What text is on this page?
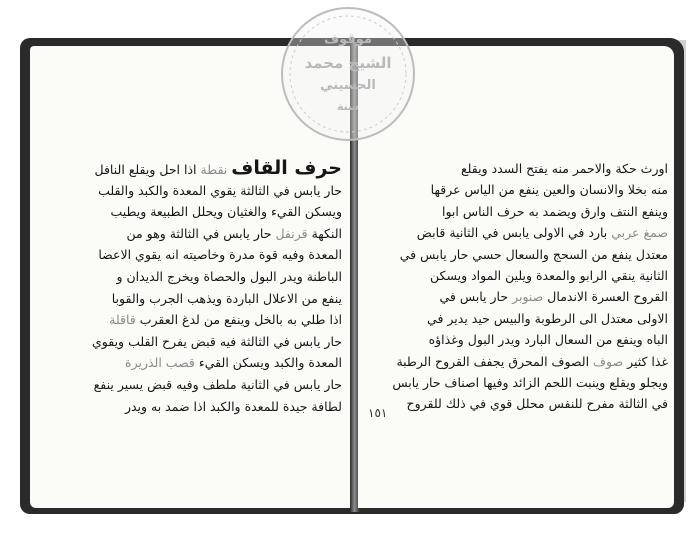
حرف القاف نقطة اذا احل ويقلع النافل
حار يابس في الثالثة يقوي المعدة والكبد والقلب
ويسكن القيء والغثيان ويحلل الطبيعة ويطيب
النكهة قرنفل حار يابس في الثالثة وهو من
المعدة وفيه قوة مدرة وخاصيته انه يقوي الاعضا
الباطنة ويدر البول والحصاة ويخرج الديدان و
ينفع من الاعلال الباردة ويذهب الجرب والقوبا
اذا طلي به بالخل وينفع من لدغ العقرب قاقلة
حار يابس في الثالثة فيه قبض يفرح القلب ويقوي
المعدة والكبد ويسكن القيء قصب الذريرة
حار يابس في الثانية ملطف وفيه قبض يسير ينفع
لطافة جيدة للمعدة والكبد اذا ضمد به ويدر
اورث حكة والاحمر منه يفتح السدد ويقلع
منه بخلا والانسان والعين ينفع من الياس عرقها
وينفع النتف وارق ويضمد به حرف الناس ابوا
صمغ عربي بارد في الاولى يابس في الثانية قابض
معتدل ينفع من السحج والسعال حسي حار يابس في
الثانية ينقي الرابو والمعدة ويلين المواد ويسكن
القروح العسرة الاندمال صنوبر حار يابس في
الاولى معتدل الى الرطوبة والبيس حيد يدير في
الباه وينفع من السعال البارد ويدر البول وغذاؤه
غذا كثير صوف الصوف المحرق يجفف القروح الرطبة
ويجلو ويقلع وينبت اللحم الزائد وفيها اصناف حار يابس
في الثالثة مفرح للنفس محلل قوي في ذلك للقروح
١٥١
موقوف
الشيخ محمد
الحسيني
سنة
